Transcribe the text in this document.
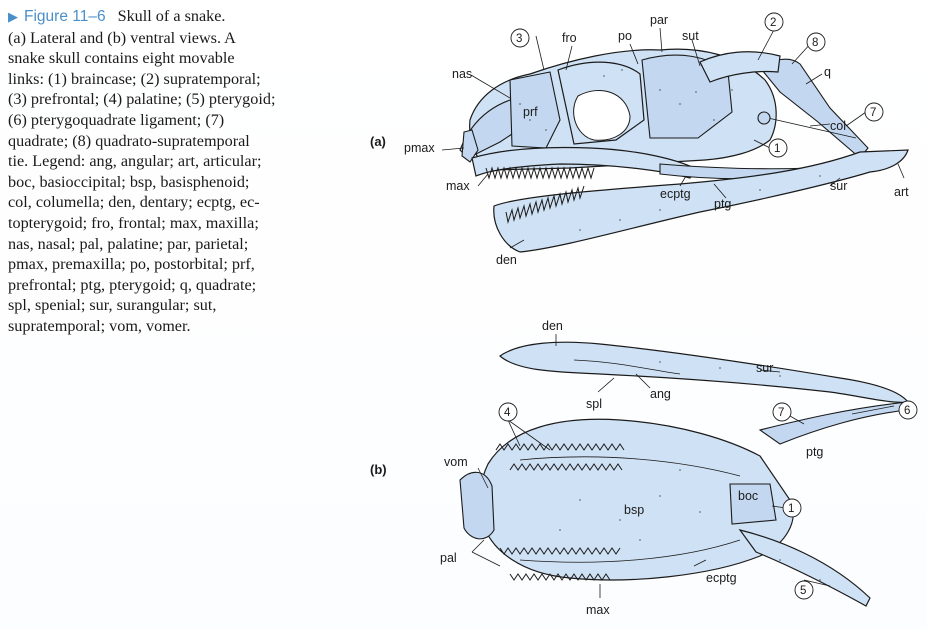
▶ Figure 11–6 Skull of a snake.
(a) Lateral and (b) ventral views. A
snake skull contains eight movable
links: (1) braincase; (2) supratemporal;
(3) prefrontal; (4) palatine; (5) pterygoid;
(6) pterygoquadrate ligament; (7)
quadrate; (8) quadrato-supratemporal
tie. Legend: ang, angular; art, articular;
boc, basioccipital; bsp, basisphenoid;
col, columella; den, dentary; ecptg, ec-
topterygoid; fro, frontal; max, maxilla;
nas, nasal; pal, palatine; par, parietal;
pmax, premaxilla; po, postorbital; prf,
prefrontal; ptg, pterygoid; q, quadrate;
spl, spenial; sur, surangular; sut,
supratemporal; vom, vomer.
(a)
nas
fro	po
par
sut
q
prf
pmax
max
col
ecptg
ptg
sur	art
den
3
2
8
7
1
(b)
den
sur
spl
ang
ptg
vom
boc
bsp
pal
ecptg
max
4	7	6
1
5
